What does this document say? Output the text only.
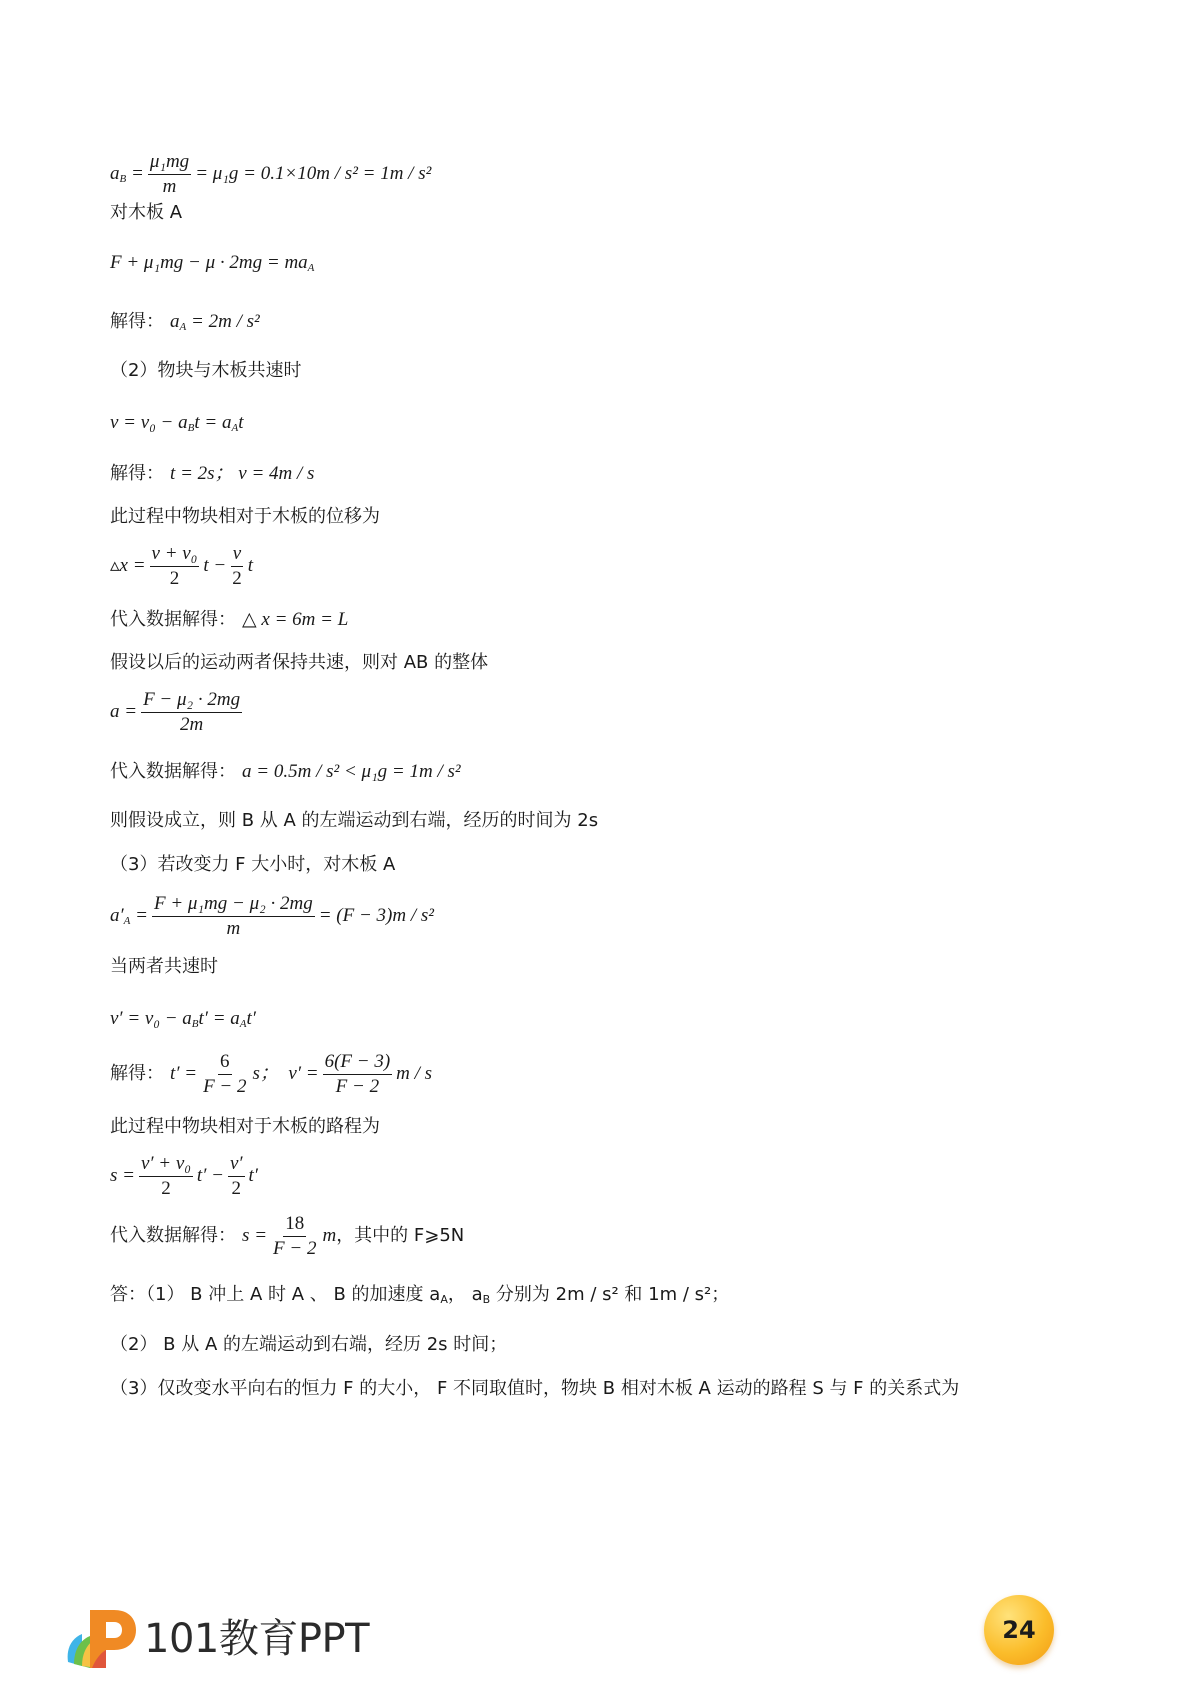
$a_B = \frac{\text{μ₁mg}}{m} = \mu_1g = 0.1\times 10m / s^2 = 1m / s^2$
对木板 A
$F + \mu_1mg - \mu \cdot 2mg = ma_A$
解得： $a_A = 2m / s^2$
（2）物块与木板共速时
$v = v_0 - a_Bt = a_At$
解得： t = 2s； v = 4m / s
此过程中物块相对于木板的位移为
▵x = $\frac{\text{v + v₀}}{2}$ $t - \frac{v}{2}$ t
代入数据解得： △ x = 6m = L
假设以后的运动两者保持共速，则对 AB 的整体
$a = \frac{\text{F − μ₂ · 2mg}}{2m}$
代入数据解得： a = 0.5m / s² < μ₁g = 1m / s²
则假设成立，则 B 从 A 的左端运动到右端，经历的时间为 2s
（3）若改变力 F 大小时，对木板 A
$a'_A = \frac{\text{F + μ₁mg − μ₂ · 2mg}}{m} = (F - 3)m / s^2$
当两者共速时
$v' = v_0 - a_Bt' = a_At'$
解得： $t' = \frac{6}{F - 2}$ s； $v' = \frac{6(F - 3)}{F - 2}$ m / s
此过程中物块相对于木板的路程为
$s = \frac{\text{v′ + v₀}}{2} t' - \frac{v'}{2} t'$
代入数据解得： $s = \frac{18}{F - 2}$ m，其中的 F⩾5N
答：（1） B 冲上 A 时 A 、 B 的加速度 $a_A$， $a_B$ 分别为 2m / s² 和 1m / s²；
（2） B 从 A 的左端运动到右端，经历 2s 时间；
（3）仅改变水平向右的恒力 F 的大小， F 不同取值时，物块 B 相对木板 A 运动的路程 S 与 F 的关系式为
101教育PPT	24
